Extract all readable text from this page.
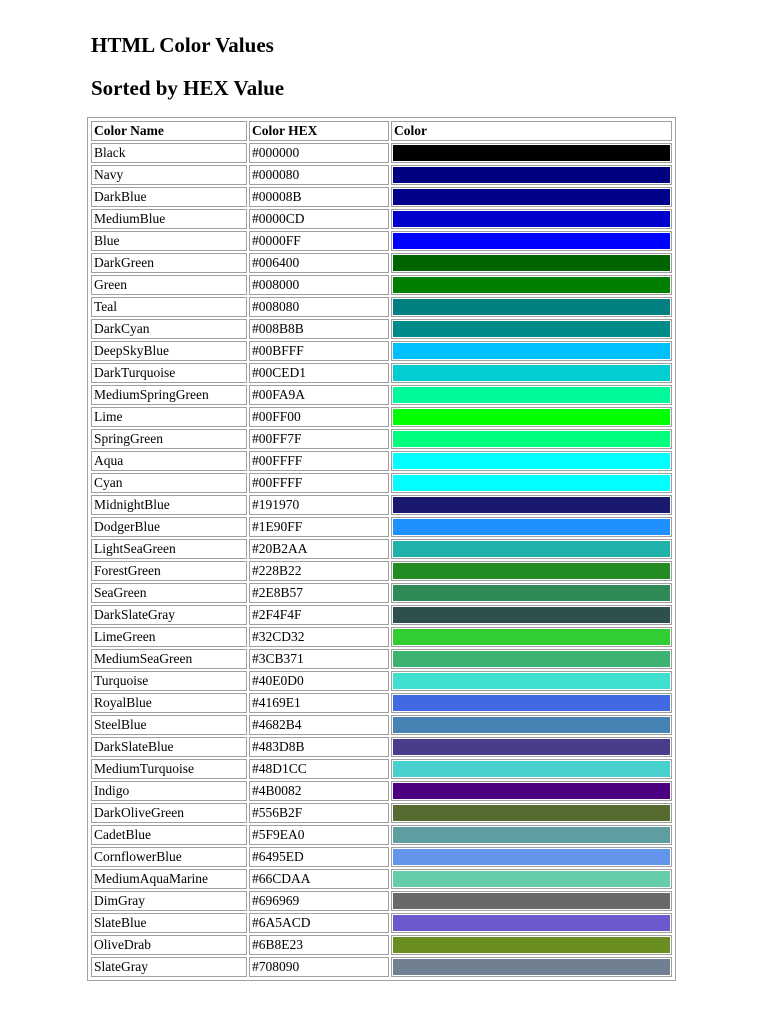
HTML Color Values
Sorted by HEX Value
Color Name	Color HEX	Color
Black	#000000	

Navy	#000080	

DarkBlue	#00008B	

MediumBlue	#0000CD	

Blue	#0000FF	

DarkGreen	#006400	

Green	#008000	

Teal	#008080	

DarkCyan	#008B8B	

DeepSkyBlue	#00BFFF	

DarkTurquoise	#00CED1	

MediumSpringGreen	#00FA9A	

Lime	#00FF00	

SpringGreen	#00FF7F	

Aqua	#00FFFF	

Cyan	#00FFFF	

MidnightBlue	#191970	

DodgerBlue	#1E90FF	

LightSeaGreen	#20B2AA	

ForestGreen	#228B22	

SeaGreen	#2E8B57	

DarkSlateGray	#2F4F4F	

LimeGreen	#32CD32	

MediumSeaGreen	#3CB371	

Turquoise	#40E0D0	

RoyalBlue	#4169E1	

SteelBlue	#4682B4	

DarkSlateBlue	#483D8B	

MediumTurquoise	#48D1CC	

Indigo	#4B0082	

DarkOliveGreen	#556B2F	

CadetBlue	#5F9EA0	

CornflowerBlue	#6495ED	

MediumAquaMarine	#66CDAA	

DimGray	#696969	

SlateBlue	#6A5ACD	

OliveDrab	#6B8E23	

SlateGray	#708090	
